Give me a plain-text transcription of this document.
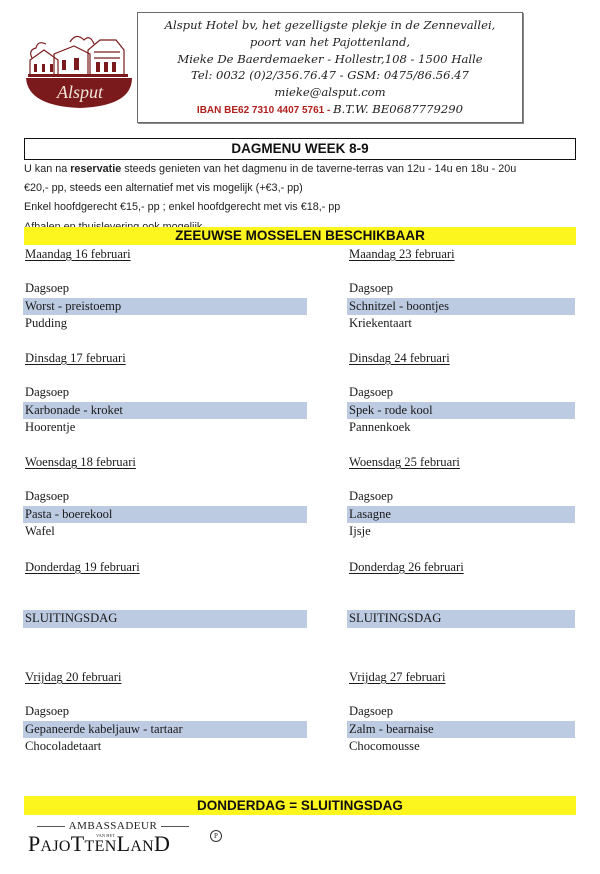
Alsput
Alsput Hotel bv, het gezelligste plekje in de Zennevallei,
poort van het Pajottenland,
Mieke De Baerdemaeker - Hollestr,108 - 1500 Halle
Tel: 0032 (0)2/356.76.47 - GSM: 0475/86.56.47
mieke@alsput.com
IBAN BE62 7310 4407 5761 - B.T.W. BE0687779290
DAGMENU WEEK 8-9
U kan na reservatie steeds genieten van het dagmenu in de taverne-terras van 12u - 14u en 18u - 20u
€20,- pp, steeds een alternatief met vis mogelijk (+€3,- pp)
Enkel hoofdgerecht €15,- pp ; enkel hoofdgerecht met vis €18,- pp
ZEEUWSE MOSSELEN BESCHIKBAAR
Maandag 16 februari
Dagsoep
Worst - preistoemp
Pudding
Dinsdag 17 februari
Dagsoep
Karbonade - kroket
Hoorentje
Woensdag 18 februari
Dagsoep
Pasta - boerekool
Wafel
Donderdag 19 februari
SLUITINGSDAG
Vrijdag 20 februari
Dagsoep
Gepaneerde kabeljauw - tartaar
Chocoladetaart
Maandag 23 februari
Dagsoep
Schnitzel - boontjes
Kriekentaart
Dinsdag 24 februari
Dagsoep
Spek - rode kool
Pannenkoek
Woensdag 25 februari
Dagsoep
Lasagne
Ijsje
Donderdag 26 februari
SLUITINGSDAG
Vrijdag 27 februari
Dagsoep
Zalm - bearnaise
Chocomousse
DONDERDAG = SLUITINGSDAG
AMBASSADEUR
VAN HET
PAJOTTENLAND	P
